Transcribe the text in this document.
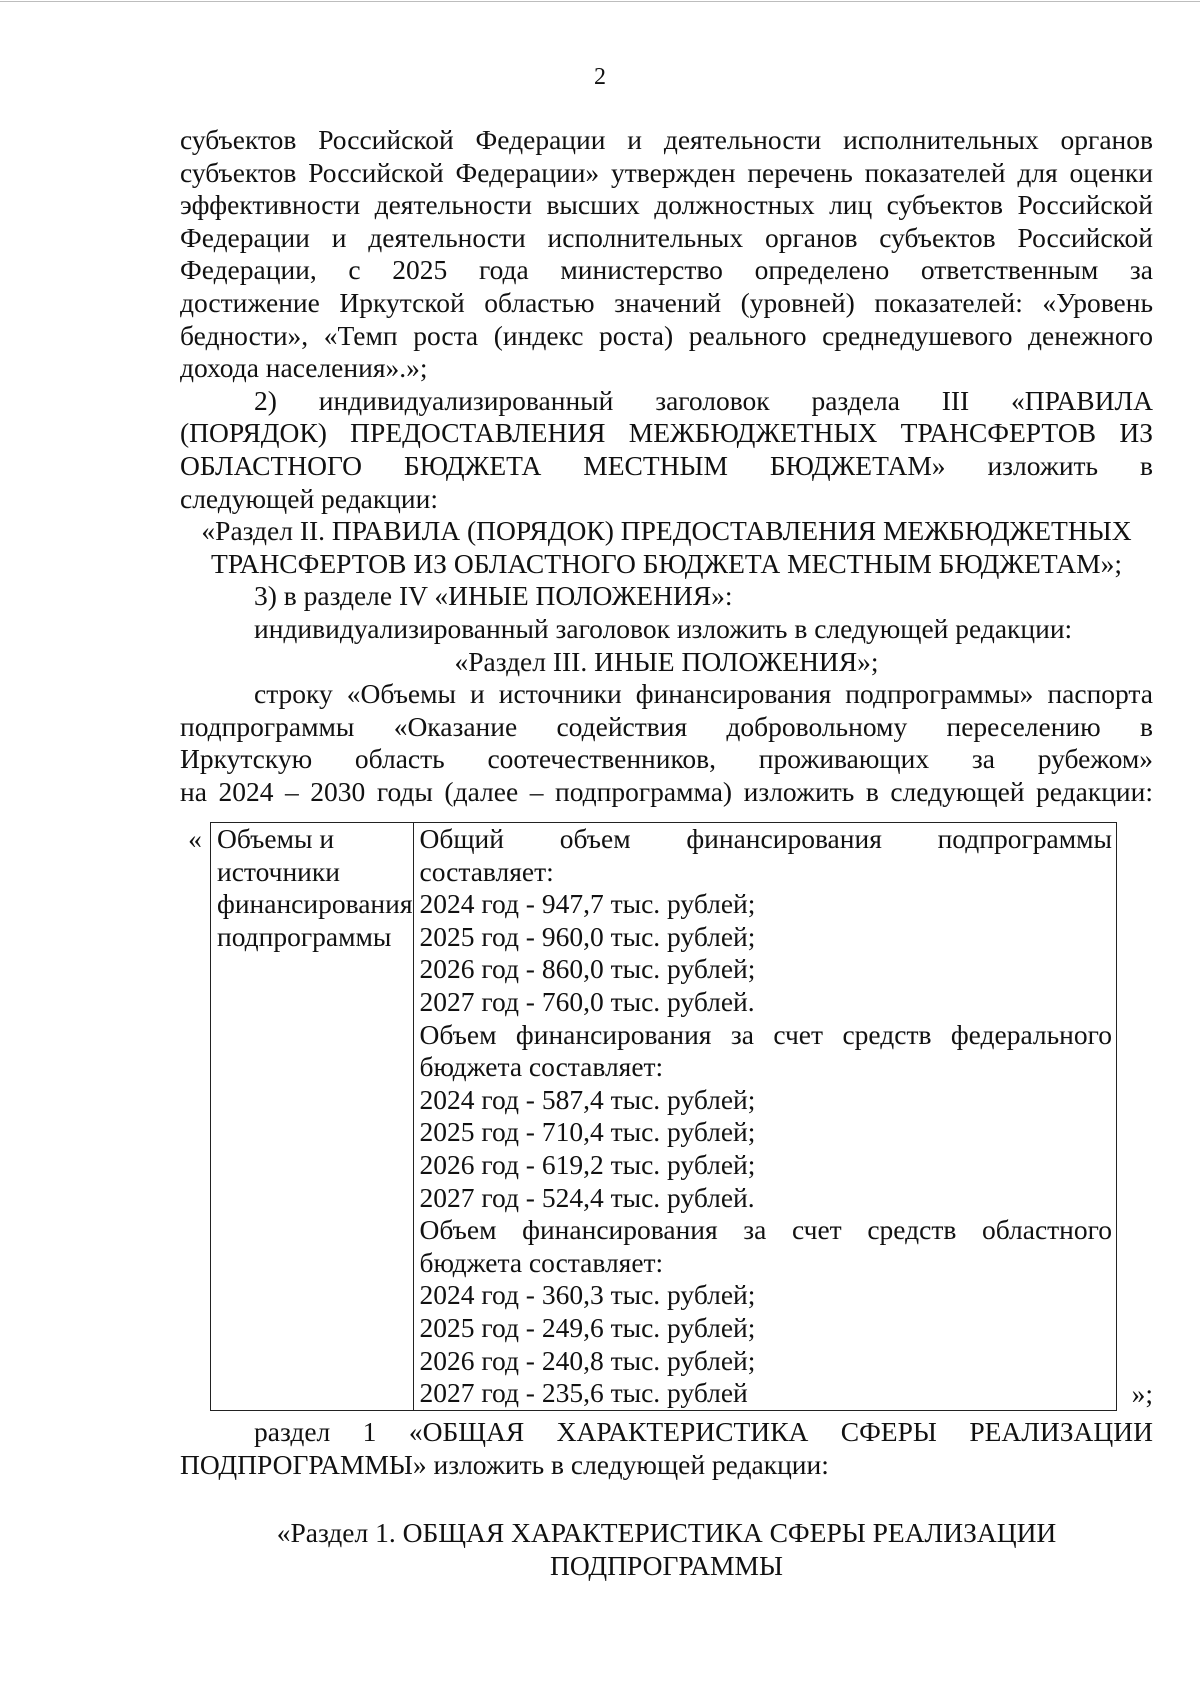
2

субъектов Российской Федерации и деятельности исполнительных органов

субъектов Российской Федерации» утвержден перечень показателей для оценки

эффективности деятельности высших должностных лиц субъектов Российской

Федерации и деятельности исполнительных органов субъектов Российской

Федерации, с 2025 года министерство определено ответственным за

достижение Иркутской областью значений (уровней) показателей: «Уровень

бедности», «Темп роста (индекс роста) реального среднедушевого денежного

дохода населения».»;

2) индивидуализированный заголовок раздела III «ПРАВИЛА

(ПОРЯДОК) ПРЕДОСТАВЛЕНИЯ МЕЖБЮДЖЕТНЫХ ТРАНСФЕРТОВ ИЗ

ОБЛАСТНОГО БЮДЖЕТА МЕСТНЫМ БЮДЖЕТАМ» изложить в

следующей редакции:

«Раздел II. ПРАВИЛА (ПОРЯДОК) ПРЕДОСТАВЛЕНИЯ МЕЖБЮДЖЕТНЫХ

ТРАНСФЕРТОВ ИЗ ОБЛАСТНОГО БЮДЖЕТА МЕСТНЫМ БЮДЖЕТАМ»;

3) в разделе IV «ИНЫЕ ПОЛОЖЕНИЯ»:

индивидуализированный заголовок изложить в следующей редакции:

«Раздел III. ИНЫЕ ПОЛОЖЕНИЯ»;

строку «Объемы и источники финансирования подпрограммы» паспорта

подпрограммы «Оказание содействия добровольному переселению в

Иркутскую область соотечественников, проживающих за рубежом»

на 2024 – 2030 годы (далее – подпрограмма) изложить в следующей редакции:

«	Объемы и
источники
финансирования
подпрограммы

Общий объем финансирования подпрограммы
составляет:
2024 год - 947,7 тыс. рублей;
2025 год - 960,0 тыс. рублей;
2026 год - 860,0 тыс. рублей;
2027 год - 760,0 тыс. рублей.
Объем финансирования за счет средств федерального
бюджета составляет:
2024 год - 587,4 тыс. рублей;
2025 год - 710,4 тыс. рублей;
2026 год - 619,2 тыс. рублей;
2027 год - 524,4 тыс. рублей.
Объем финансирования за счет средств областного
бюджета составляет:
2024 год - 360,3 тыс. рублей;
2025 год - 249,6 тыс. рублей;
2026 год - 240,8 тыс. рублей;
2027 год - 235,6 тыс. рублей	»;

раздел 1 «ОБЩАЯ ХАРАКТЕРИСТИКА СФЕРЫ РЕАЛИЗАЦИИ

ПОДПРОГРАММЫ» изложить в следующей редакции:

«Раздел 1. ОБЩАЯ ХАРАКТЕРИСТИКА СФЕРЫ РЕАЛИЗАЦИИ

ПОДПРОГРАММЫ
